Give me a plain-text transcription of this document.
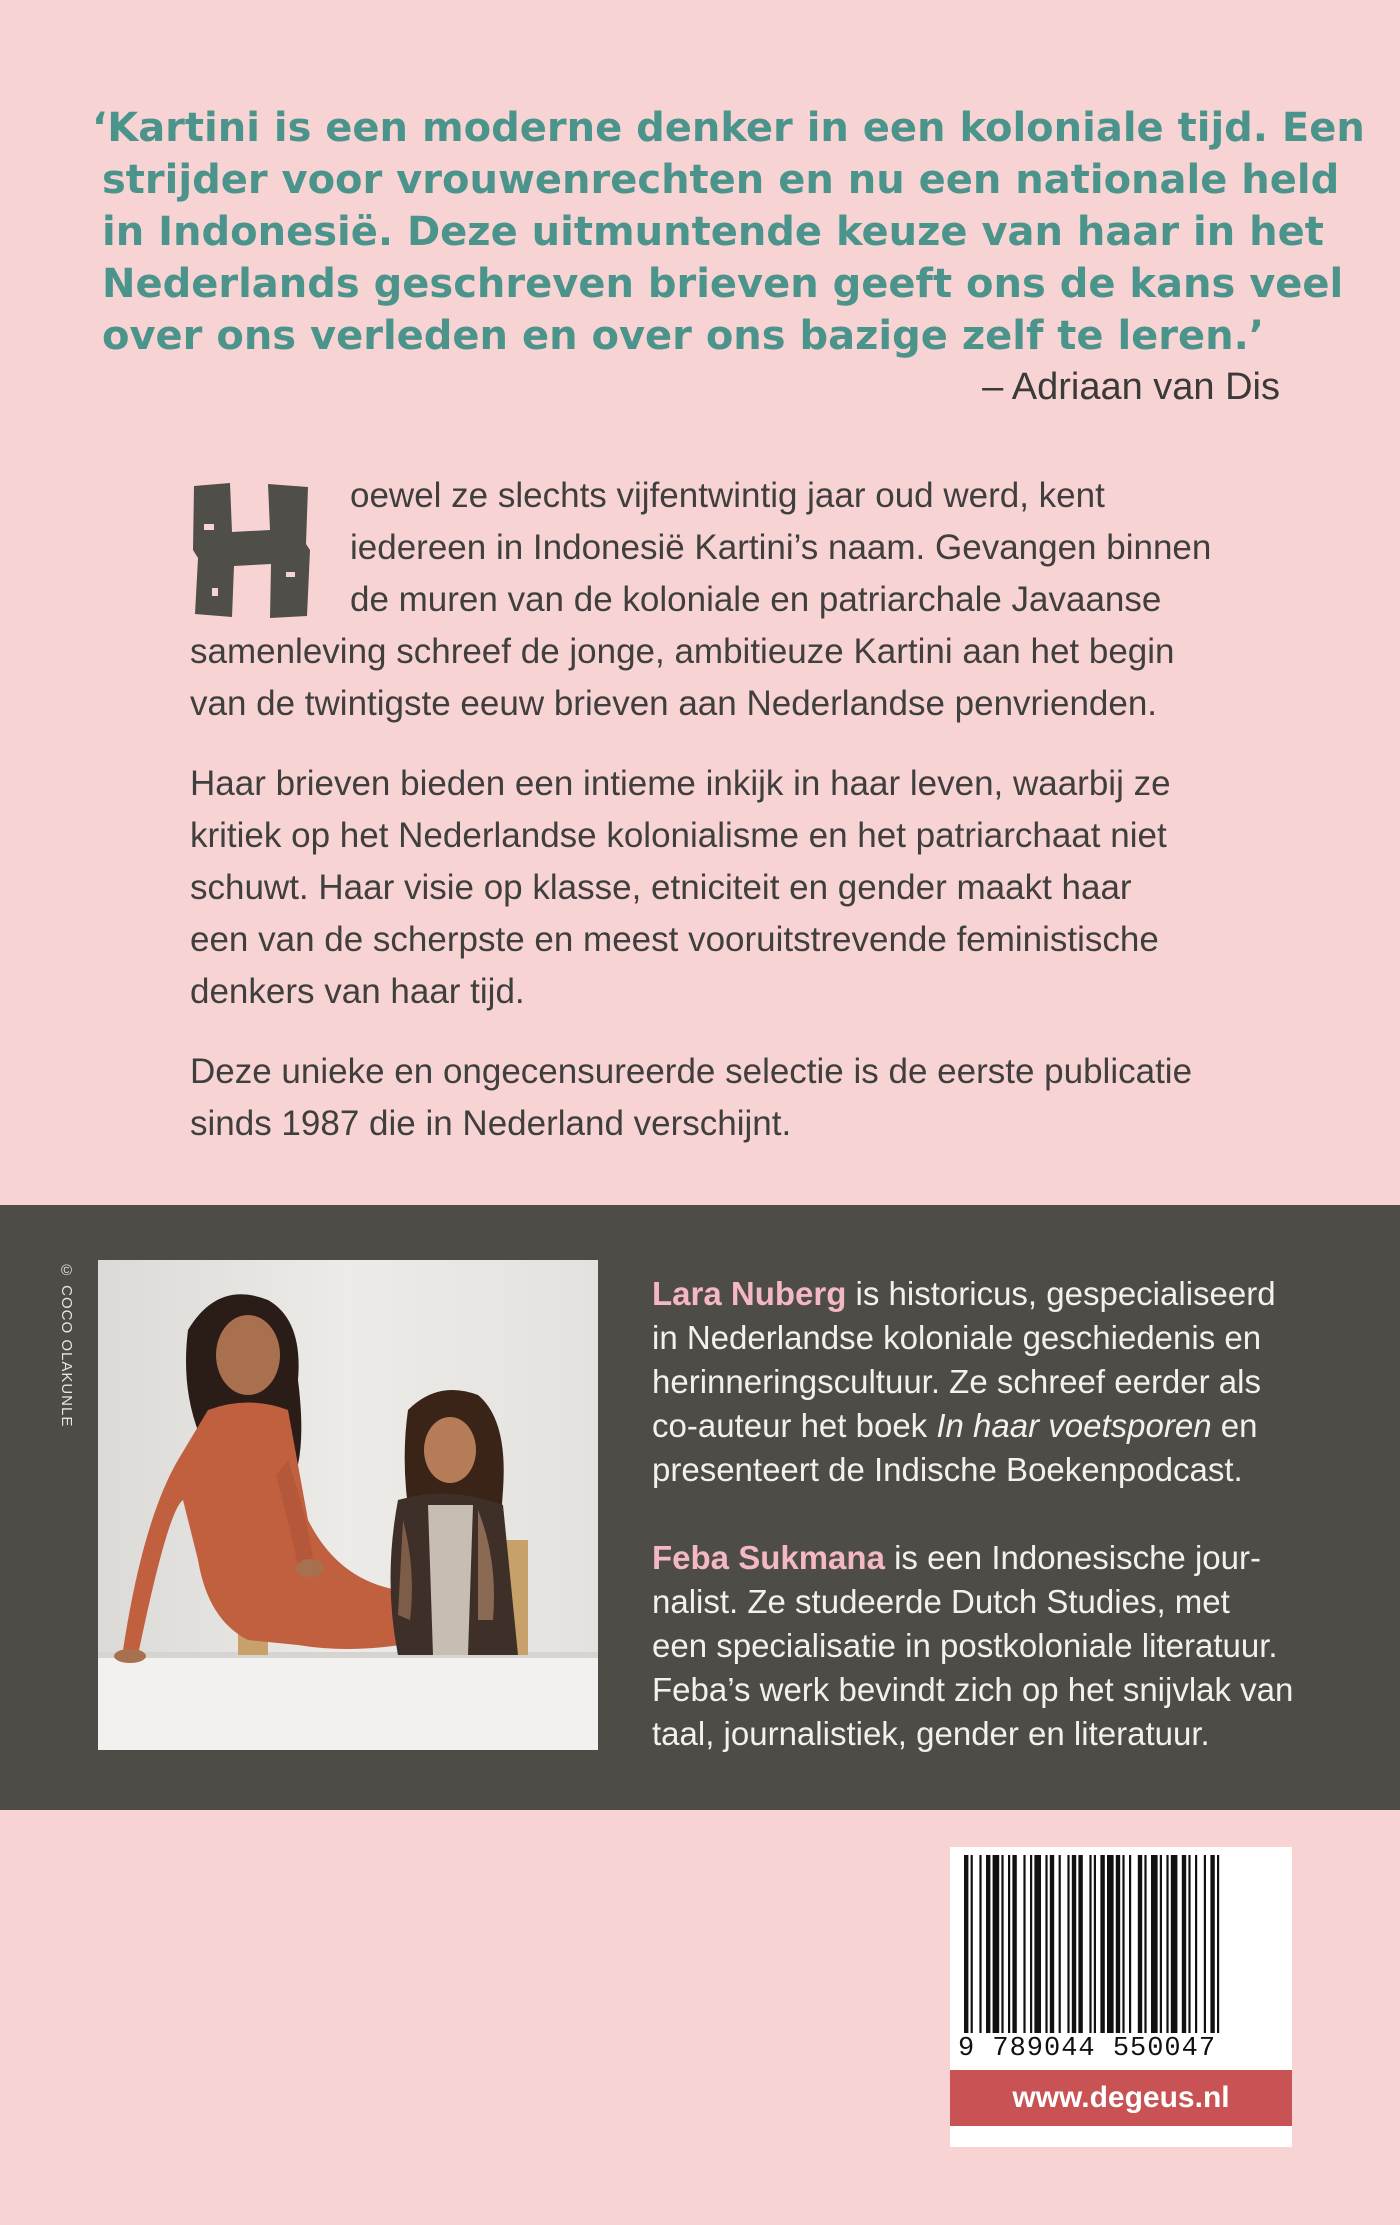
‘Kartini is een moderne denker in een koloniale tijd. Een
strijder voor vrouwenrechten en nu een nationale held
in Indonesië. Deze uitmuntende keuze van haar in het
Nederlands geschreven brieven geeft ons de kans veel
over ons verleden en over ons bazige zelf te leren.’
– Adriaan van Dis
oewel ze slechts vijfentwintig jaar oud werd, kent
iedereen in Indonesië Kartini’s naam. Gevangen binnen
de muren van de koloniale en patriarchale Javaanse
samenleving schreef de jonge, ambitieuze Kartini aan het begin
van de twintigste eeuw brieven aan Nederlandse penvrienden.
Haar brieven bieden een intieme inkijk in haar leven, waarbij ze
kritiek op het Nederlandse kolonialisme en het patriarchaat niet
schuwt. Haar visie op klasse, etniciteit en gender maakt haar
een van de scherpste en meest vooruitstrevende feministische
denkers van haar tijd.
Deze unieke en ongecensureerde selectie is de eerste publicatie
sinds 1987 die in Nederland verschijnt.
© COCO OLAKUNLE	Lara Nuberg is historicus, gespecialiseerd
in Nederlandse koloniale geschiedenis en
herinneringscultuur. Ze schreef eerder als
co-auteur het boek In haar voetsporen en
presenteert de Indische Boekenpodcast.
Feba Sukmana is een Indonesische jour-
nalist. Ze studeerde Dutch Studies, met
een specialisatie in postkoloniale literatuur.
Feba’s werk bevindt zich op het snijvlak van
taal, journalistiek, gender en literatuur.
9 789044 550047
www.degeus.nl
